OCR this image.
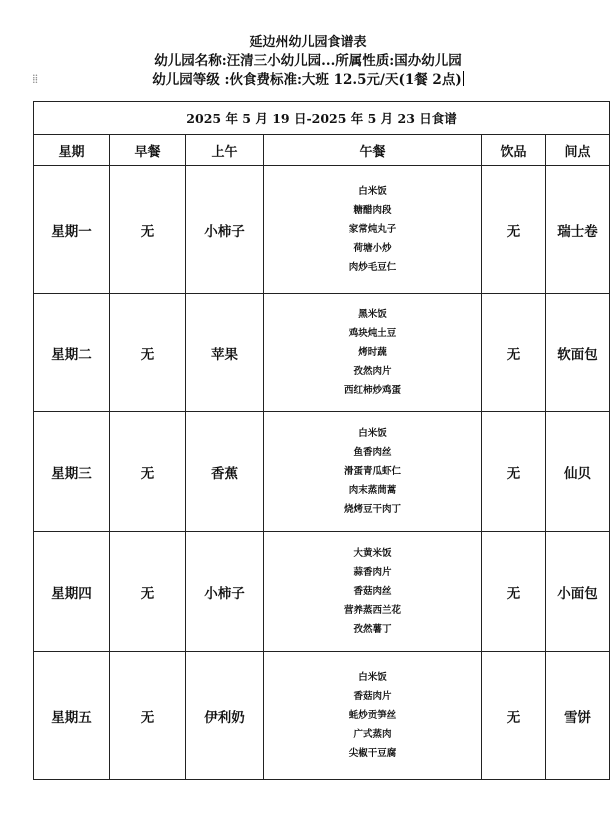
延边州幼儿园食谱表
幼儿园名称:汪清三小幼儿园...所属性质:国办幼儿园
幼儿园等级 :伙食费标准:大班 12.5元/天(1餐 2点)
⁞⁞
2025 年 5 月 19 日-2025 年 5 月 23 日食谱					
星期	早餐	上午	午餐	饮品	间点
星期一	无	小柿子	白米饭
糖醋肉段
家常炖丸子
荷塘小炒
肉炒毛豆仁	无	瑞士卷
星期二	无	苹果	黑米饭
鸡块炖土豆
烤时蔬
孜然肉片
西红柿炒鸡蛋	无	软面包
星期三	无	香蕉	白米饭
鱼香肉丝
滑蛋青瓜虾仁
肉末蒸茼蒿
烧烤豆干肉丁	无	仙贝
星期四	无	小柿子	大黄米饭
蒜香肉片
香菇肉丝
营养蒸西兰花
孜然薯丁	无	小面包
星期五	无	伊利奶	白米饭
香菇肉片
蚝炒贡笋丝
广式蒸肉
尖椒干豆腐	无	雪饼
